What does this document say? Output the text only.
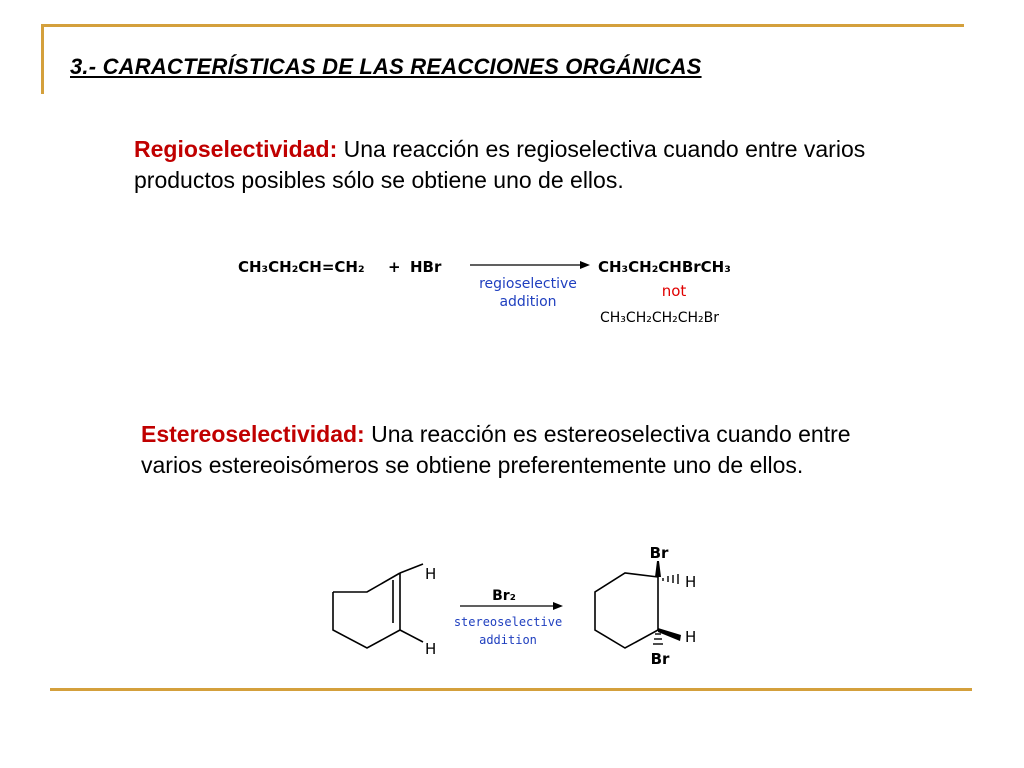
3.- CARACTERÍSTICAS DE LAS REACCIONES ORGÁNICAS
Regioselectividad: Una reacción es regioselectiva cuando entre varios productos posibles sólo se obtiene uno de ellos.
CH₃CH₂CH=CH₂ + HBr
regioselective
addition
CH₃CH₂CHBrCH₃
not
CH₃CH₂CH₂CH₂Br
Estereoselectividad: Una reacción es estereoselectiva cuando entre varios estereoisómeros se obtiene preferentemente uno de ellos.
H
H
Br₂
stereoselective
addition
Br
H
H
Br
